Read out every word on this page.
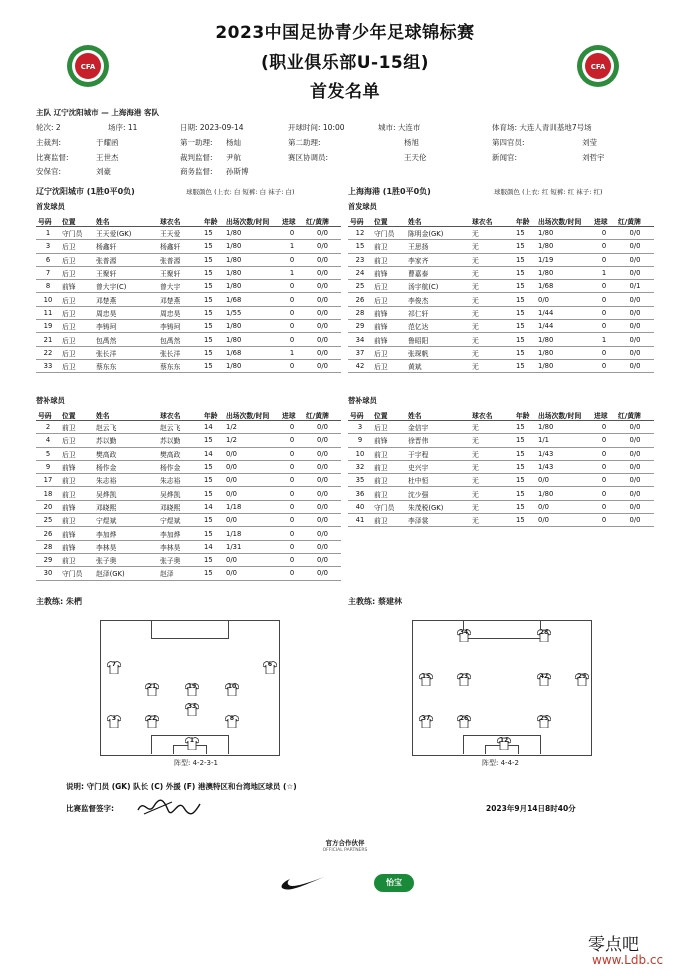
2023中国足协青少年足球锦标赛
(职业俱乐部U-15组)
首发名单
CFA	CFA
主队 辽宁沈阳城市 — 上海海港 客队
轮次: 2	场序: 11	日期: 2023-09-14	开球时间: 10:00	城市: 大连市	体育场: 大连人青训基地7号场
主裁判:	于耀函	第一助理: 杨灿	第二助理:	杨旭	第四官员:	刘莹
比赛监督:	王世杰	裁判监督: 尹航	赛区协调员:	王天伦	新闻官:	刘哲宇
安保官:	刘豪	商务监督: 孙斯博
辽宁沈阳城市 (1胜0平0负)	球服颜色 (上衣: 白 短裤: 白 袜子: 白)	上海海港 (1胜0平0负)	球服颜色 (上衣: 红 短裤: 红 袜子: 红)
首发球员	首发球员
号码	位置	姓名	球衣名	年龄	出场次数/时间	进球	红/黄牌
1	守门员	王天爱(GK)	王天爱	15	1/80	0	0/0
3	后卫	杨鑫轩	杨鑫轩	15	1/80	1	0/0
6	后卫	张普源	张普源	15	1/80	0	0/0
7	后卫	王聚轩	王聚轩	15	1/80	1	0/0
8	前锋	曾大宇(C)	曾大宇	15	1/80	0	0/0
10	后卫	邓楚燕	邓楚燕	15	1/68	0	0/0
11	后卫	周忠昊	周忠昊	15	1/55	0	0/0
19	后卫	李铸珂	李铸珂	15	1/80	0	0/0
21	后卫	包禹然	包禹然	15	1/80	0	0/0
22	后卫	张长洋	张长洋	15	1/68	1	0/0
33	后卫	蔡东东	蔡东东	15	1/80	0	0/0
号码	位置	姓名	球衣名	年龄	出场次数/时间	进球	红/黄牌
12	守门员	陈明金(GK)	无	15	1/80	0	0/0
15	前卫	王思扬	无	15	1/80	0	0/0
23	前卫	李家齐	无	15	1/19	0	0/0
24	前锋	曹嘉泰	无	15	1/80	1	0/0
25	后卫	汤宇航(C)	无	15	1/68	0	0/1
26	后卫	李俊杰	无	15	0/0	0	0/0
28	前锋	祁仁轩	无	15	1/44	0	0/0
29	前锋	范亿达	无	15	1/44	0	0/0
34	前锋	鲁昭阳	无	15	1/80	1	0/0
37	后卫	张琛帆	无	15	1/80	0	0/0
42	后卫	黄斌	无	15	1/80	0	0/0
替补球员	替补球员
号码	位置	姓名	球衣名	年龄	出场次数/时间	进球	红/黄牌
2	前卫	赵云飞	赵云飞	14	1/2	0	0/0
4	后卫	苏以勤	苏以勤	15	1/2	0	0/0
5	后卫	樊高政	樊高政	14	0/0	0	0/0
9	前锋	杨作金	杨作金	15	0/0	0	0/0
17	前卫	朱志裕	朱志裕	15	0/0	0	0/0
18	前卫	吴烨凯	吴烨凯	15	0/0	0	0/0
20	前锋	邓晓熙	邓晓熙	14	1/18	0	0/0
25	前卫	宁煜斌	宁煜斌	15	0/0	0	0/0
26	前锋	李加烨	李加烨	15	1/18	0	0/0
28	前锋	李林昊	李林昊	14	1/31	0	0/0
29	前卫	张子奥	张子奥	15	0/0	0	0/0
30	守门员	赵泽(GK)	赵泽	15	0/0	0	0/0
号码	位置	姓名	球衣名	年龄	出场次数/时间	进球	红/黄牌
3	后卫	金信宇	无	15	1/80	0	0/0
9	前锋	徐晋伟	无	15	1/1	0	0/0
10	前卫	于宇程	无	15	1/43	0	0/0
32	前卫	史兴宇	无	15	1/43	0	0/0
35	前卫	杜中恒	无	15	0/0	0	0/0
36	前卫	沈少强	无	15	1/80	0	0/0
40	守门员	朱茂税(GK)	无	15	0/0	0	0/0
41	前卫	李泽裳	无	15	0/0	0	0/0
主教练: 朱椚	主教练: 蔡建林
7
21	19	10
6
33
3	22	8
1
阵型: 4-2-3-1
34	28
15	23	42	29
37	26	25
12
阵型: 4-4-2
说明: 守门员 (GK) 队长 (C) 外援 (F) 港澳特区和台湾地区球员 (☆)
比赛监督签字:	2023年9月14日8时40分
官方合作伙伴
OFFICIAL PARTNERS
怡宝
零点吧
www.Ldb.cc
